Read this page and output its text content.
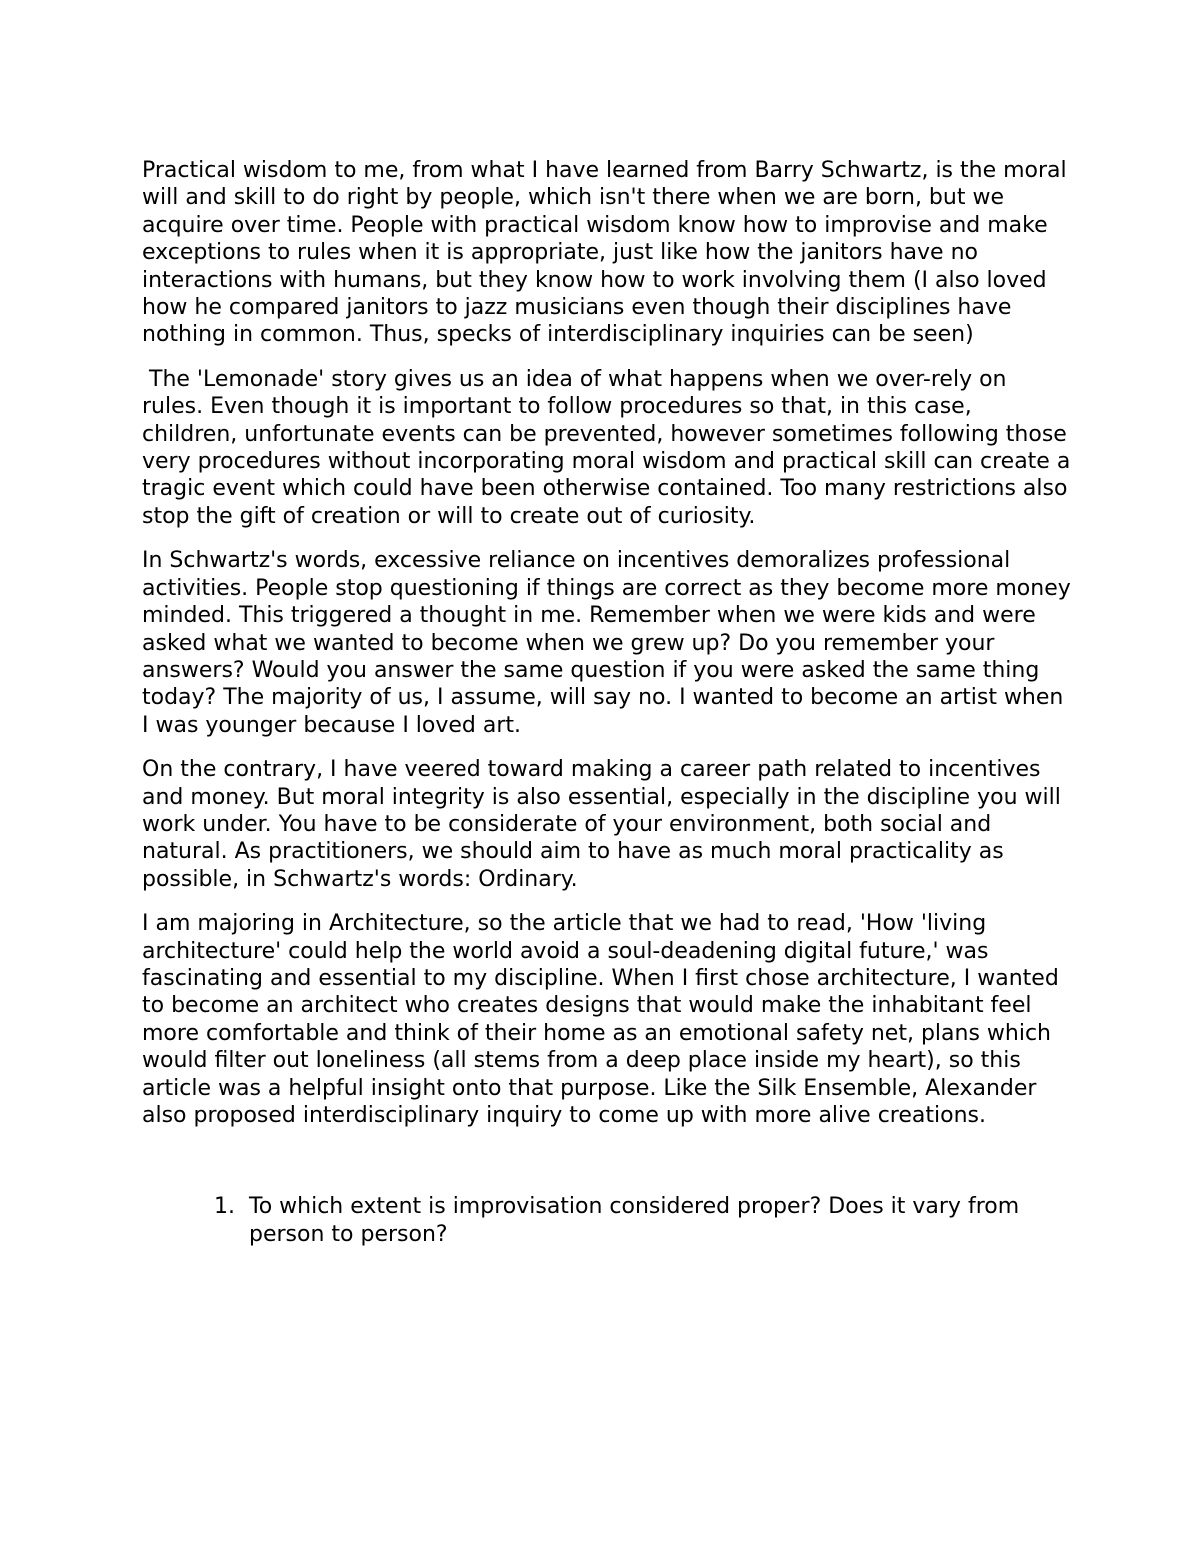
Practical wisdom to me, from what I have learned from Barry Schwartz, is the moral will and skill to do right by people, which isn't there when we are born, but we acquire over time. People with practical wisdom know how to improvise and make exceptions to rules when it is appropriate, just like how the janitors have no interactions with humans, but they know how to work involving them (I also loved how he compared janitors to jazz musicians even though their disciplines have nothing in common. Thus, specks of interdisciplinary inquiries can be seen)

The 'Lemonade' story gives us an idea of what happens when we over-rely on rules. Even though it is important to follow procedures so that, in this case, children, unfortunate events can be prevented, however sometimes following those very procedures without incorporating moral wisdom and practical skill can create a tragic event which could have been otherwise contained. Too many restrictions also stop the gift of creation or will to create out of curiosity.

In Schwartz's words, excessive reliance on incentives demoralizes professional activities. People stop questioning if things are correct as they become more money minded. This triggered a thought in me. Remember when we were kids and were asked what we wanted to become when we grew up? Do you remember your answers? Would you answer the same question if you were asked the same thing today? The majority of us, I assume, will say no. I wanted to become an artist when I was younger because I loved art.

On the contrary, I have veered toward making a career path related to incentives and money. But moral integrity is also essential, especially in the discipline you will work under. You have to be considerate of your environment, both social and natural. As practitioners, we should aim to have as much moral practicality as possible, in Schwartz's words: Ordinary.

I am majoring in Architecture, so the article that we had to read, 'How 'living architecture' could help the world avoid a soul-deadening digital future,' was fascinating and essential to my discipline. When I first chose architecture, I wanted to become an architect who creates designs that would make the inhabitant feel more comfortable and think of their home as an emotional safety net, plans which would filter out loneliness (all stems from a deep place inside my heart), so this article was a helpful insight onto that purpose. Like the Silk Ensemble, Alexander also proposed interdisciplinary inquiry to come up with more alive creations.

1. To which extent is improvisation considered proper? Does it vary from person to person?
